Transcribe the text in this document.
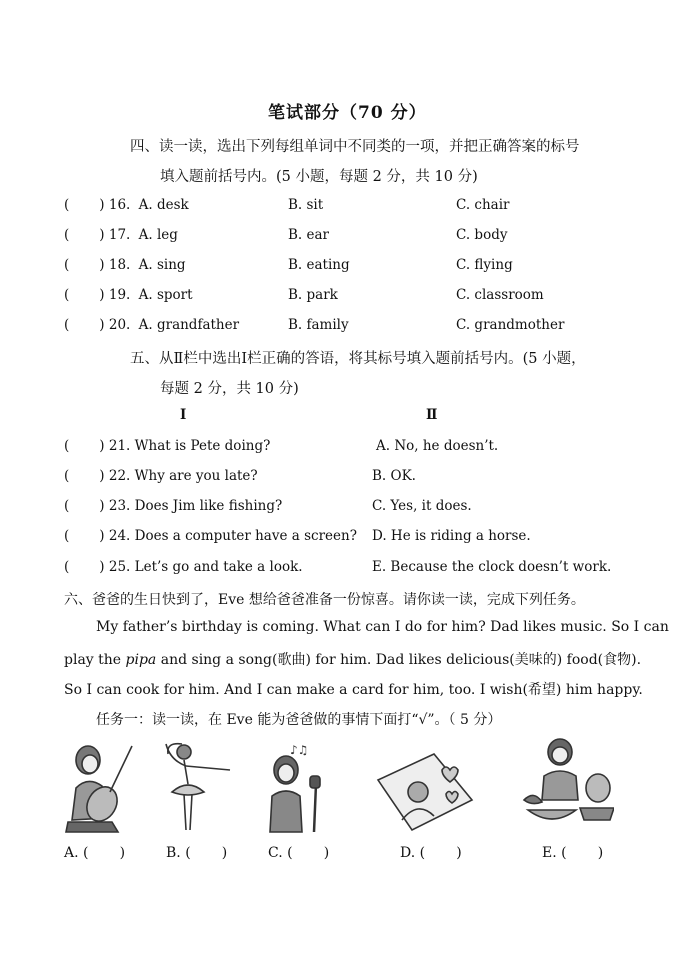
笔试部分（70 分）
四、读一读，选出下列每组单词中不同类的一项，并把正确答案的标号
填入题前括号内。(5 小题，每题 2 分，共 10 分)
(       ) 16. A. desk	B. sit	C. chair
(       ) 17. A. leg	B. ear	C. body
(       ) 18. A. sing	B. eating	C. flying
(       ) 19. A. sport	B. park	C. classroom
(       ) 20. A. grandfather	B. family	C. grandmother
五、从Ⅱ栏中选出Ⅰ栏正确的答语，将其标号填入题前括号内。(5 小题，
每题 2 分，共 10 分)
Ⅰ	Ⅱ
(       ) 21. What is Pete doing?	A. No, he doesn’t.
(       ) 22. Why are you late?	B. OK.
(       ) 23. Does Jim like fishing?	C. Yes, it does.
(       ) 24. Does a computer have a screen? D. He is riding a horse.
(       ) 25. Let’s go and take a look.	E. Because the clock doesn’t work.
六、爸爸的生日快到了，Eve 想给爸爸准备一份惊喜。请你读一读，完成下列任务。
My father’s birthday is coming. What can I do for him? Dad likes music. So I can
play the pipa and sing a song(歌曲) for him. Dad likes delicious(美味的) food(食物).
So I can cook for him. And I can make a card for him, too. I wish(希望) him happy.
任务一：读一读，在 Eve 能为爸爸做的事情下面打“√”。（ 5 分）
♪♫
A. (       )	B. (       )	C. (       )	D. (       )	E. (       )
